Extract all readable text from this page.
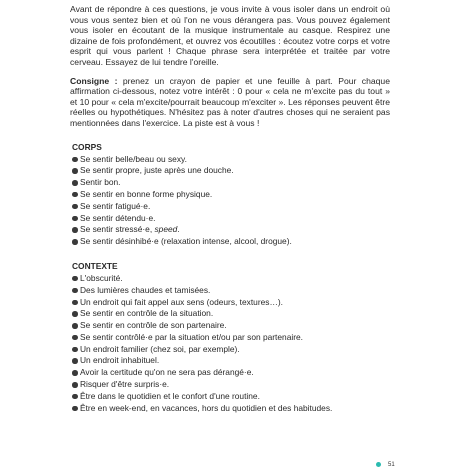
Avant de répondre à ces questions, je vous invite à vous isoler dans un endroit où vous vous sentez bien et où l'on ne vous dérangera pas. Vous pouvez également vous isoler en écoutant de la musique instrumentale au casque. Respirez une dizaine de fois profondément, et ouvrez vos écoutilles : écoutez votre corps et votre esprit qui vous parlent ! Chaque phrase sera interprétée et traitée par votre cerveau. Essayez de lui tendre l'oreille.

Consigne : prenez un crayon de papier et une feuille à part. Pour chaque affirmation ci-dessous, notez votre intérêt : 0 pour « cela ne m'excite pas du tout » et 10 pour « cela m'excite/pourrait beaucoup m'exciter ». Les réponses peuvent être réelles ou hypothétiques. N'hésitez pas à noter d'autres choses qui ne seraient pas mentionnées dans l'exercice. La piste est à vous !

CORPS
Se sentir belle/beau ou sexy.
Se sentir propre, juste après une douche.
Sentir bon.
Se sentir en bonne forme physique.
Se sentir fatigué·e.
Se sentir détendu·e.
Se sentir stressé·e, speed.
Se sentir désinhibé·e (relaxation intense, alcool, drogue).
CONTEXTE
L'obscurité.
Des lumières chaudes et tamisées.
Un endroit qui fait appel aux sens (odeurs, textures…).
Se sentir en contrôle de la situation.
Se sentir en contrôle de son partenaire.
Se sentir contrôlé·e par la situation et/ou par son partenaire.
Un endroit familier (chez soi, par exemple).
Un endroit inhabituel.
Avoir la certitude qu'on ne sera pas dérangé·e.
Risquer d'être surpris·e.
Être dans le quotidien et le confort d'une routine.
Être en week-end, en vacances, hors du quotidien et des habitudes.
51
